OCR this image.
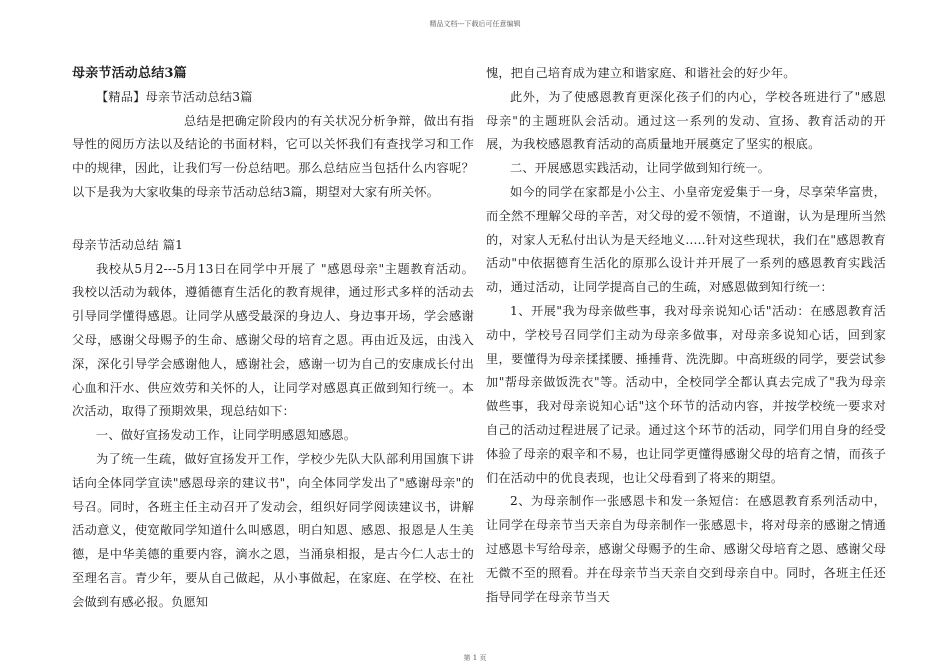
精品文档---下载后可任意编辑

母亲节活动总结3篇

【精品】母亲节活动总结3篇

总结是把确定阶段内的有关状况分析争辩，做出有指导性的阅历方法以及结论的书面材料，它可以关怀我们有查找学习和工作中的规律，因此，让我们写一份总结吧。那么总结应当包括什么内容呢？以下是我为大家收集的母亲节活动总结3篇，期望对大家有所关怀。

母亲节活动总结 篇1

我校从5月2---5月13日在同学中开展了 "感恩母亲"主题教育活动。我校以活动为载体，遵循德育生活化的教育规律，通过形式多样的活动去引导同学懂得感恩。让同学从感受最深的身边人、身边事开场，学会感谢父母，感谢父母赐予的生命、感谢父母的培育之恩。再由近及远，由浅入深，深化引导学会感谢他人，感谢社会，感谢一切为自己的安康成长付出心血和汗水、供应效劳和关怀的人，让同学对感恩真正做到知行统一。本次活动，取得了预期效果，现总结如下：

一、做好宣扬发动工作，让同学明感恩知感恩。

为了统一生疏，做好宣扬发开工作，学校少先队大队部利用国旗下讲话向全体同学宣读"感恩母亲的建议书"，向全体同学发出了"感谢母亲"的号召。同时，各班主任主动召开了发动会，组织好同学阅读建议书，讲解活动意义，使宽敞同学知道什么叫感恩，明白知恩、感恩、报恩是人生美德，是中华美德的重要内容，滴水之恩，当涌泉相报，是古今仁人志士的至理名言。青少年，要从自己做起，从小事做起，在家庭、在学校、在社会做到有感必报。负愿知

愧，把自己培育成为建立和谐家庭、和谐社会的好少年。

此外，为了使感恩教育更深化孩子们的内心，学校各班进行了"感恩母亲"的主题班队会活动。通过这一系列的发动、宣扬、教育活动的开展，为我校感恩教育活动的高质量地开展奠定了坚实的根底。

二、开展感恩实践活动，让同学做到知行统一。

如今的同学在家都是小公主、小皇帝宠爱集于一身，尽享荣华富贵，而全然不理解父母的辛苦，对父母的爱不领情，不道谢，认为是理所当然的，对家人无私付出认为是天经地义.....针对这些现状，我们在"感恩教育活动"中依据德育生活化的原那么设计并开展了一系列的感恩教育实践活动，通过活动，让同学提高自己的生疏，对感恩做到知行统一：

1、开展"我为母亲做些事，我对母亲说知心话"活动：在感恩教育活动中，学校号召同学们主动为母亲多做事，对母亲多说知心话，回到家里，要懂得为母亲揉揉腰、捶捶背、洗洗脚。中高班级的同学，要尝试参加"帮母亲做饭洗衣"等。活动中，全校同学全都认真去完成了"我为母亲做些事，我对母亲说知心话"这个环节的活动内容，并按学校统一要求对自己的活动过程进展了记录。通过这个环节的活动，同学们用自身的经受体验了母亲的艰辛和不易，也让同学更懂得感谢父母的培育之情，而孩子们在活动中的优良表现，也让父母看到了将来的期望。

2、为母亲制作一张感恩卡和发一条短信：在感恩教育系列活动中，让同学在母亲节当天亲自为母亲制作一张感恩卡，将对母亲的感谢之情通过感恩卡写给母亲，感谢父母赐予的生命、感谢父母培育之恩、感谢父母无微不至的照看。并在母亲节当天亲自交到母亲自中。同时，各班主任还指导同学在母亲节当天

第 1 页
